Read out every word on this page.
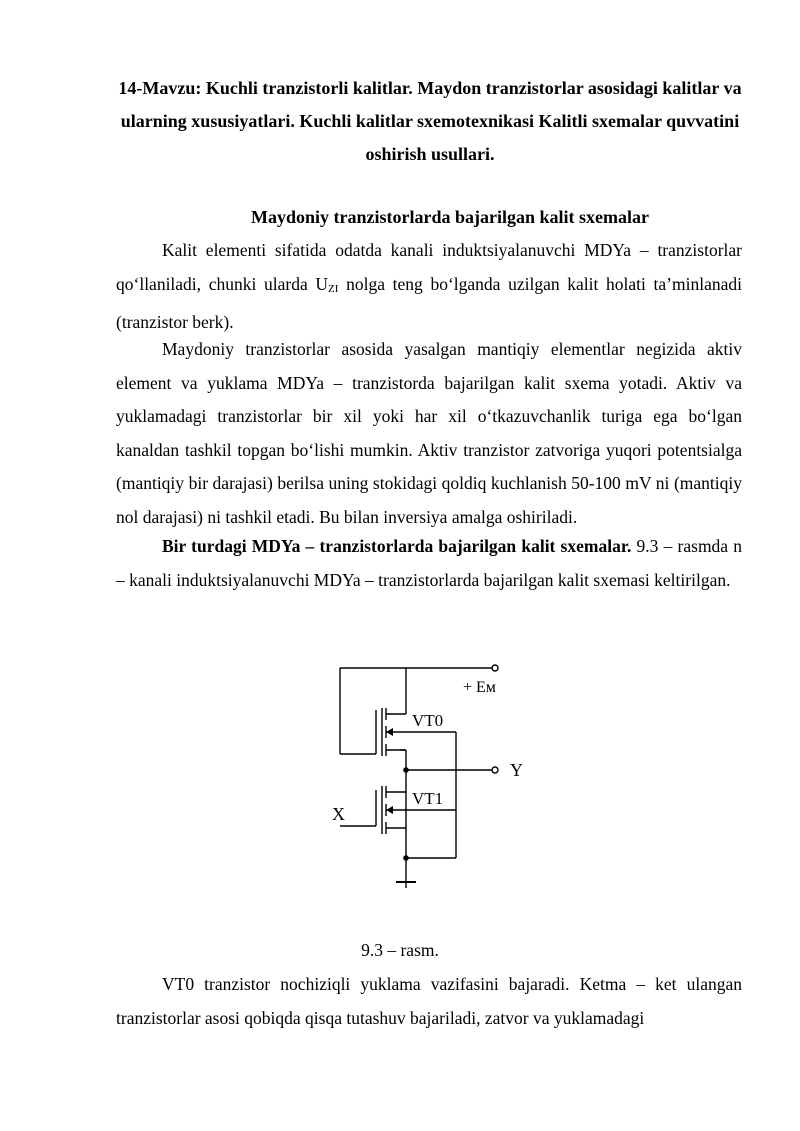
14-Mavzu: Kuchli tranzistorli kalitlar. Maydon tranzistorlar asosidagi kalitlar va ularning xususiyatlari. Kuchli kalitlar sxemotexnikasi Kalitli sxemalar quvvatini oshirish usullari.

Maydoniy tranzistorlarda bajarilgan kalit sxemalar

Kalit elementi sifatida odatda kanali induktsiyalanuvchi MDYa – tranzistorlar qo‘llaniladi, chunki ularda UZI nolga teng bo‘lganda uzilgan kalit holati ta’minlanadi (tranzistor berk).

Maydoniy tranzistorlar asosida yasalgan mantiqiy elementlar negizida aktiv element va yuklama MDYa – tranzistorda bajarilgan kalit sxema yotadi. Aktiv va yuklamadagi tranzistorlar bir xil yoki har xil o‘tkazuvchanlik turiga ega bo‘lgan kanaldan tashkil topgan bo‘lishi mumkin. Aktiv tranzistor zatvoriga yuqori potentsialga (mantiqiy bir darajasi) berilsa uning stokidagi qoldiq kuchlanish 50-100 mV ni (mantiqiy nol darajasi) ni tashkil etadi. Bu bilan inversiya amalga oshiriladi.

Bir turdagi MDYa – tranzistorlarda bajarilgan kalit sxemalar. 9.3 – rasmda n – kanali induktsiyalanuvchi MDYa – tranzistorlarda bajarilgan kalit sxemasi keltirilgan.

+ Eм
VT0
Y
VT1
X

9.3 – rasm.

VT0 tranzistor nochiziqli yuklama vazifasini bajaradi. Ketma – ket ulangan tranzistorlar asosi qobiqda qisqa tutashuv bajariladi, zatvor va yuklamadagi
